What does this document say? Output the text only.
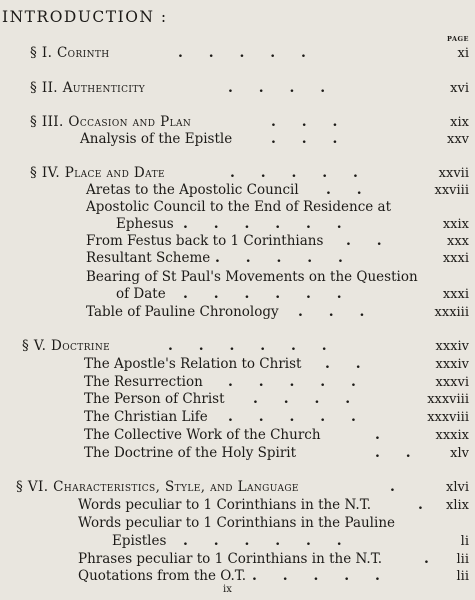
INTRODUCTION :
PAGE
§ I. Corinth	. . . . .	xi
§ II. Authenticity	. . . .	xvi
§ III. Occasion and Plan	. . .	xix
Analysis of the Epistle	. . .	xxv
§ IV. Place and Date	. . . . .	xxvii
Aretas to the Apostolic Council . .	xxviii
Apostolic Council to the End of Residence at
Ephesus . . . . . .	xxix
From Festus back to 1 Corinthians . .	xxx
Resultant Scheme . . . . .	xxxi
Bearing of St Paul's Movements on the Question
of Date . . . . . .	xxxi
Table of Pauline Chronology . . .	xxxiii
§ V. Doctrine	. . . . . .	xxxiv
The Apostle's Relation to Christ . .	xxxiv
The Resurrection . . . . .	xxxvi
The Person of Christ . . . .	xxxviii
The Christian Life . . . . .	xxxviii
The Collective Work of the Church	.	xxxix
The Doctrine of the Holy Spirit	. .	xlv
§ VI. Characteristics, Style, and Language	.	xlvi
Words peculiar to 1 Corinthians in the N.T.	. xlix
Words peculiar to 1 Corinthians in the Pauline
Epistles . . . . . .	li
Phrases peculiar to 1 Corinthians in the N.T.	. lii
Quotations from the O.T. . . . . .	lii
ix
